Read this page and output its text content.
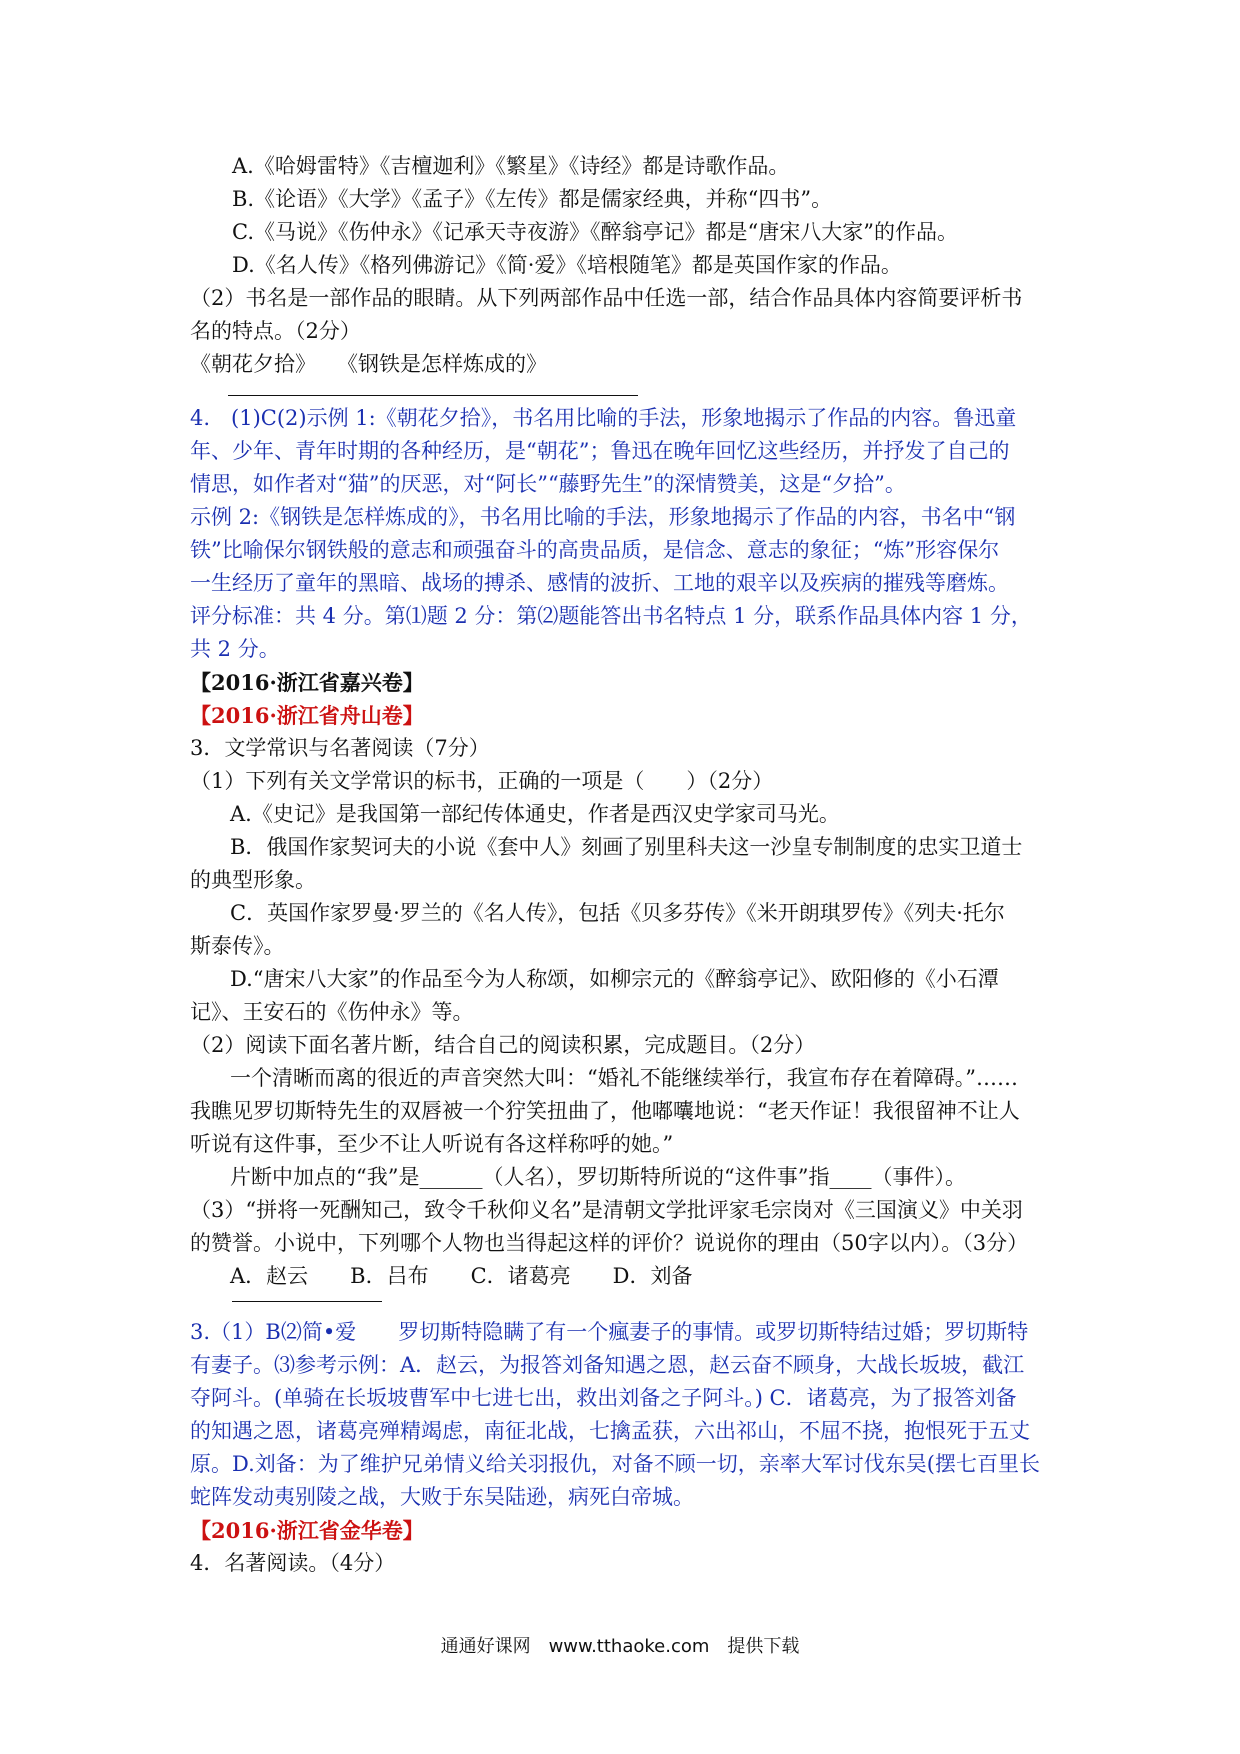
A.《哈姆雷特》《吉檀迦利》《繁星》《诗经》都是诗歌作品。
B.《论语》《大学》《孟子》《左传》都是儒家经典，并称“四书”。
C.《马说》《伤仲永》《记承天寺夜游》《醉翁亭记》都是“唐宋八大家”的作品。
D.《名人传》《格列佛游记》《简·爱》《培根随笔》都是英国作家的作品。
（2）书名是一部作品的眼睛。从下列两部作品中任选一部，结合作品具体内容简要评析书
名的特点。（2分）
《朝花夕拾》　　《钢铁是怎样炼成的》
4.　(1)C(2)示例 1:《朝花夕拾》，书名用比喻的手法，形象地揭示了作品的内容。鲁迅童
年、少年、青年时期的各种经历，是“朝花”；鲁迅在晚年回忆这些经历，并抒发了自己的
情思，如作者对“猫”的厌恶，对“阿长”“藤野先生”的深情赞美，这是“夕拾”。
示例 2:《钢铁是怎样炼成的》，书名用比喻的手法，形象地揭示了作品的内容，书名中“钢
铁”比喻保尔钢铁般的意志和顽强奋斗的高贵品质，是信念、意志的象征；“炼”形容保尔
一生经历了童年的黑暗、战场的搏杀、感情的波折、工地的艰辛以及疾病的摧残等磨炼。
评分标准：共 4 分。第⑴题 2 分：第⑵题能答出书名特点 1 分，联系作品具体内容 1 分，
共 2 分。
【2016·浙江省嘉兴卷】
【2016·浙江省舟山卷】
3．文学常识与名著阅读（7分）
（1）下列有关文学常识的标书，正确的一项是（　　）（2分）
A.《史记》是我国第一部纪传体通史，作者是西汉史学家司马光。
B．俄国作家契诃夫的小说《套中人》刻画了别里科夫这一沙皇专制制度的忠实卫道士
的典型形象。
C．英国作家罗曼·罗兰的《名人传》，包括《贝多芬传》《米开朗琪罗传》《列夫·托尔
斯泰传》。
D.“唐宋八大家”的作品至今为人称颂，如柳宗元的《醉翁亭记》、欧阳修的《小石潭
记》、王安石的《伤仲永》等。
（2）阅读下面名著片断，结合自己的阅读积累，完成题目。（2分）
一个清晰而离的很近的声音突然大叫：“婚礼不能继续举行，我宣布存在着障碍。”……
我瞧见罗切斯特先生的双唇被一个狞笑扭曲了，他嘟囔地说：“老天作证！我很留神不让人
听说有这件事，至少不让人听说有各这样称呼的她。”
片断中加点的“我”是______（人名），罗切斯特所说的“这件事”指____（事件）。
（3）“拼将一死酬知己，致令千秋仰义名”是清朝文学批评家毛宗岗对《三国演义》中关羽
的赞誉。小说中，下列哪个人物也当得起这样的评价？说说你的理由（50字以内）。（3分）
A．赵云　　B．吕布　　C．诸葛亮　　D．刘备
3.（1）B⑵简•爱　　罗切斯特隐瞒了有一个瘋妻子的事情。或罗切斯特结过婚；罗切斯特
有妻子。⑶参考示例：A．赵云，为报答刘备知遇之恩，赵云奋不顾身，大战长坂坡，截江
夺阿斗。(单骑在长坂坡曹军中七进七出，救出刘备之子阿斗。) C．诸葛亮，为了报答刘备
的知遇之恩，诸葛亮殚精竭虑，南征北战，七擒孟获，六出祁山，不屈不挠，抱恨死于五丈
原。D.刘备：为了维护兄弟情义给关羽报仇，对备不顾一切，亲率大军讨伐东吴(摆七百里长
蛇阵发动夷别陵之战，大败于东吴陆逊，病死白帝城。
【2016·浙江省金华卷】
4．名著阅读。（4分）
通通好课网　www.tthaoke.com　提供下载
